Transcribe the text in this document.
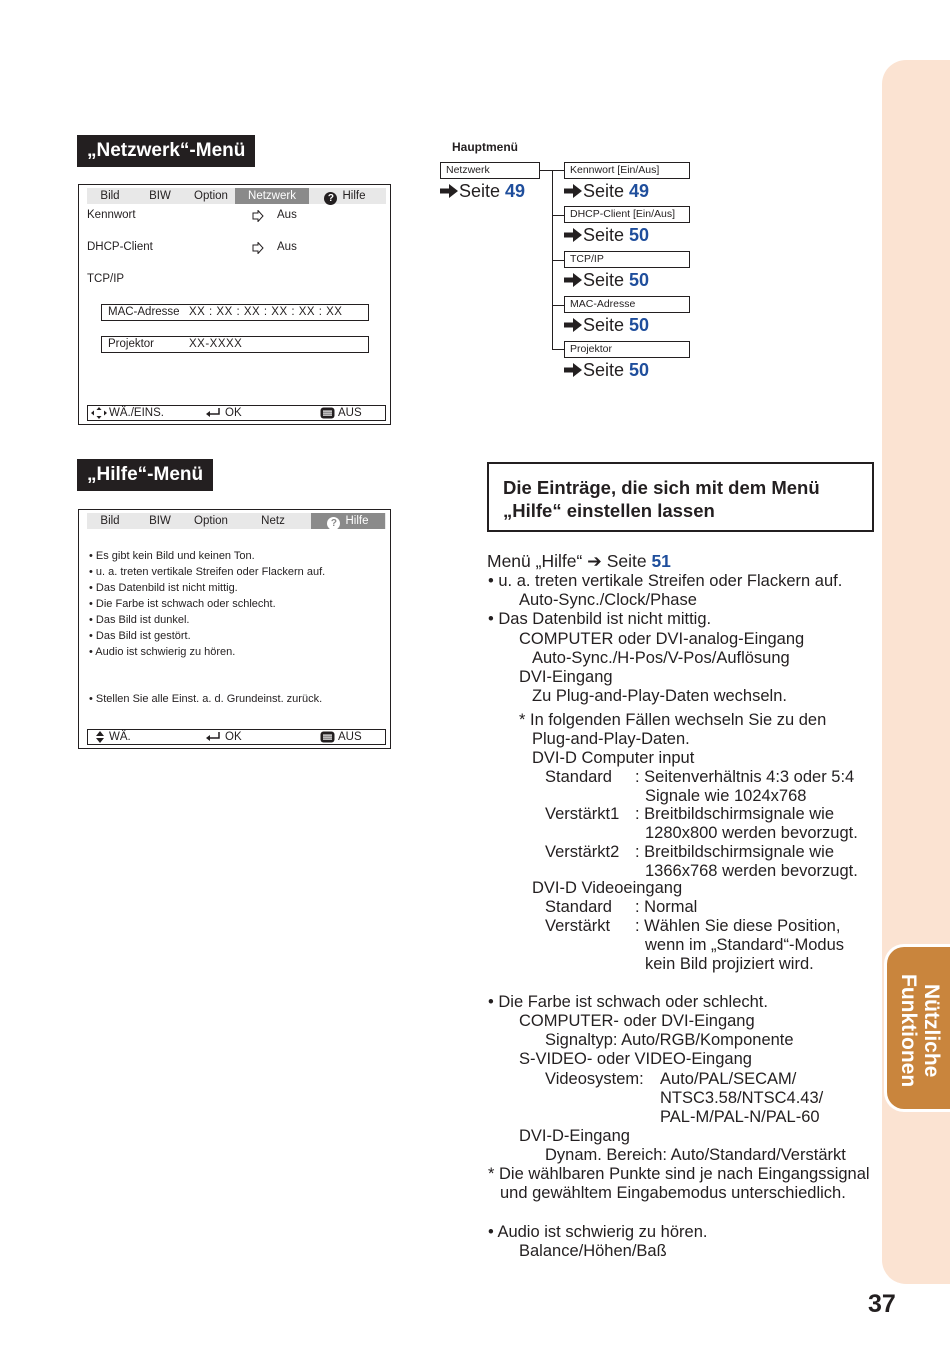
Nützliche
Funktionen
37
„Netzwerk“-Menü
Bild	BIW	Option	Netzwerk	? Hilfe
Kennwort	Aus
DHCP-Client	Aus
TCP/IP
MAC-Adresse XX : XX : XX : XX : XX : XX
Projektor	XX-XXXX
WÄ./EINS.	OK	AUS
„Hilfe“-Menü
Bild	BIW	Option	Netz	? Hilfe
• Es gibt kein Bild und keinen Ton.
• u. a. treten vertikale Streifen oder Flackern auf.
• Das Datenbild ist nicht mittig.
• Die Farbe ist schwach oder schlecht.
• Das Bild ist dunkel.
• Das Bild ist gestört.
• Audio ist schwierig zu hören.
• Stellen Sie alle Einst. a. d. Grundeinst. zurück.
WÄ.	OK	AUS
Hauptmenü
Netzwerk
Seite 49
Kennwort [Ein/Aus]
Seite 49
DHCP-Client [Ein/Aus]
Seite 50
TCP/IP
Seite 50
MAC-Adresse
Seite 50
Projektor
Seite 50
Die Einträge, die sich mit dem Menü
„Hilfe“ einstellen lassen
Menü „Hilfe“ ➔ Seite 51
• u. a. treten vertikale Streifen oder Flackern auf.
Auto-Sync./Clock/Phase
• Das Datenbild ist nicht mittig.
COMPUTER oder DVI-analog-Eingang
Auto-Sync./H-Pos/V-Pos/Auflösung
DVI-Eingang
Zu Plug-and-Play-Daten wechseln.
* In folgenden Fällen wechseln Sie zu den
Plug-and-Play-Daten.
DVI-D Computer input
Standard : Seitenverhältnis 4:3 oder 5:4
Signale wie 1024x768
Verstärkt1 : Breitbildschirmsignale wie
1280x800 werden bevorzugt.
Verstärkt2 : Breitbildschirmsignale wie
1366x768 werden bevorzugt.
DVI-D Videoeingang
Standard : Normal
Verstärkt : Wählen Sie diese Position,
wenn im „Standard“-Modus
kein Bild projiziert wird.
• Die Farbe ist schwach oder schlecht.
COMPUTER- oder DVI-Eingang
Signaltyp: Auto/RGB/Komponente
S-VIDEO- oder VIDEO-Eingang
Videosystem: Auto/PAL/SECAM/
NTSC3.58/NTSC4.43/
PAL-M/PAL-N/PAL-60
DVI-D-Eingang
Dynam. Bereich: Auto/Standard/Verstärkt
* Die wählbaren Punkte sind je nach Eingangssignal
und gewähltem Eingabemodus unterschiedlich.
• Audio ist schwierig zu hören.
Balance/Höhen/Baß
